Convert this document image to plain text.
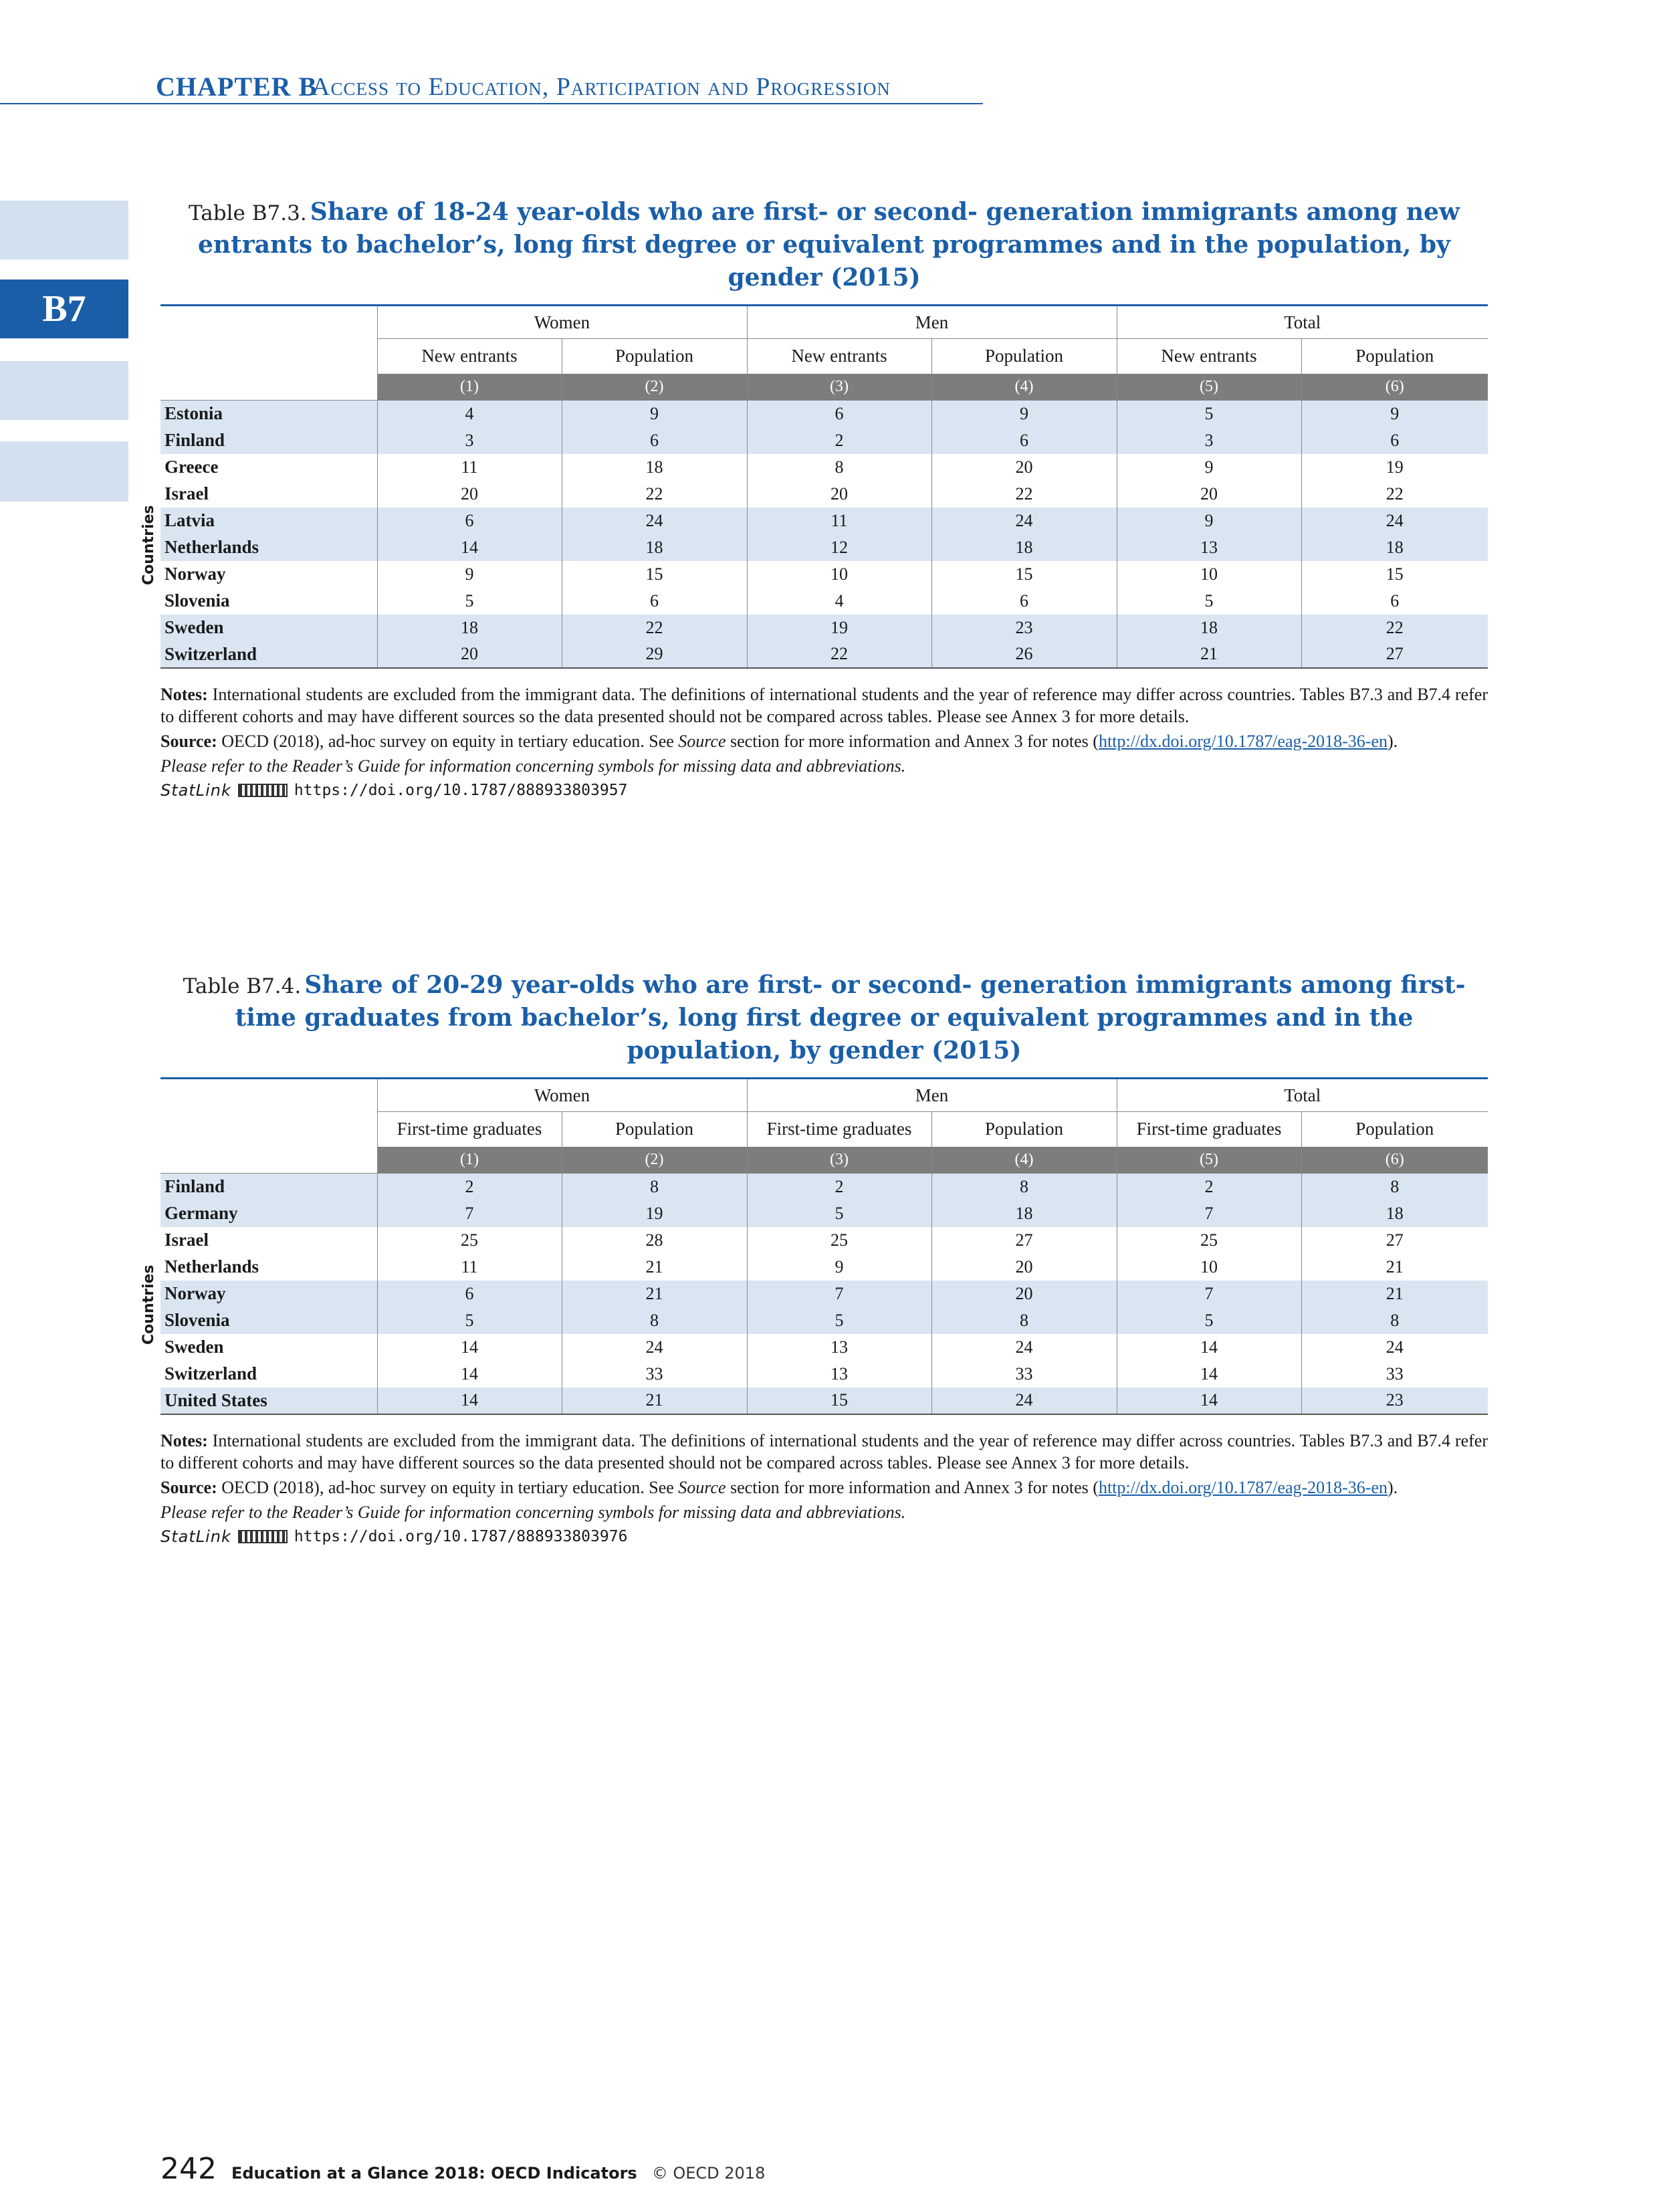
CHAPTER B
Access to Education, Participation and Progression
B7
Table B7.3. Share of 18-24 year-olds who are first- or second- generation immigrants among new entrants to bachelor’s, long first degree or equivalent programmes and in the population, by gender (2015)
Countries
	Women		Men		Total	
	New entrants	Population	New entrants	Population	New entrants	Population
	(1)	(2)	(3)	(4)	(5)	(6)
Estonia	4	9	6	9	5	9
Finland	3	6	2	6	3	6
Greece	11	18	8	20	9	19
Israel	20	22	20	22	20	22
Latvia	6	24	11	24	9	24
Netherlands	14	18	12	18	13	18
Norway	9	15	10	15	10	15
Slovenia	5	6	4	6	5	6
Sweden	18	22	19	23	18	22
Switzerland	20	29	22	26	21	27

Notes: International students are excluded from the immigrant data. The definitions of international students and the year of reference may differ across countries. Tables B7.3 and B7.4 refer to different cohorts and may have different sources so the data presented should not be compared across tables. Please see Annex 3 for more details.

Source: OECD (2018), ad-hoc survey on equity in tertiary education. See Source section for more information and Annex 3 for notes (http://dx.doi.org/10.1787/eag-2018-36-en).

Please refer to the Reader’s Guide for information concerning symbols for missing data and abbreviations.

StatLink	https://doi.org/10.1787/888933803957
Table B7.4. Share of 20-29 year-olds who are first- or second- generation immigrants among first-time graduates from bachelor’s, long first degree or equivalent programmes and in the population, by gender (2015)
Countries
	Women		Men		Total	
	First-time graduates	Population	First-time graduates	Population	First-time graduates	Population
	(1)	(2)	(3)	(4)	(5)	(6)
Finland	2	8	2	8	2	8
Germany	7	19	5	18	7	18
Israel	25	28	25	27	25	27
Netherlands	11	21	9	20	10	21
Norway	6	21	7	20	7	21
Slovenia	5	8	5	8	5	8
Sweden	14	24	13	24	14	24
Switzerland	14	33	13	33	14	33
United States	14	21	15	24	14	23

Notes: International students are excluded from the immigrant data. The definitions of international students and the year of reference may differ across countries. Tables B7.3 and B7.4 refer to different cohorts and may have different sources so the data presented should not be compared across tables. Please see Annex 3 for more details.

Source: OECD (2018), ad-hoc survey on equity in tertiary education. See Source section for more information and Annex 3 for notes (http://dx.doi.org/10.1787/eag-2018-36-en).

Please refer to the Reader’s Guide for information concerning symbols for missing data and abbreviations.

StatLink	https://doi.org/10.1787/888933803976
242 Education at a Glance 2018: OECD Indicators © OECD 2018
